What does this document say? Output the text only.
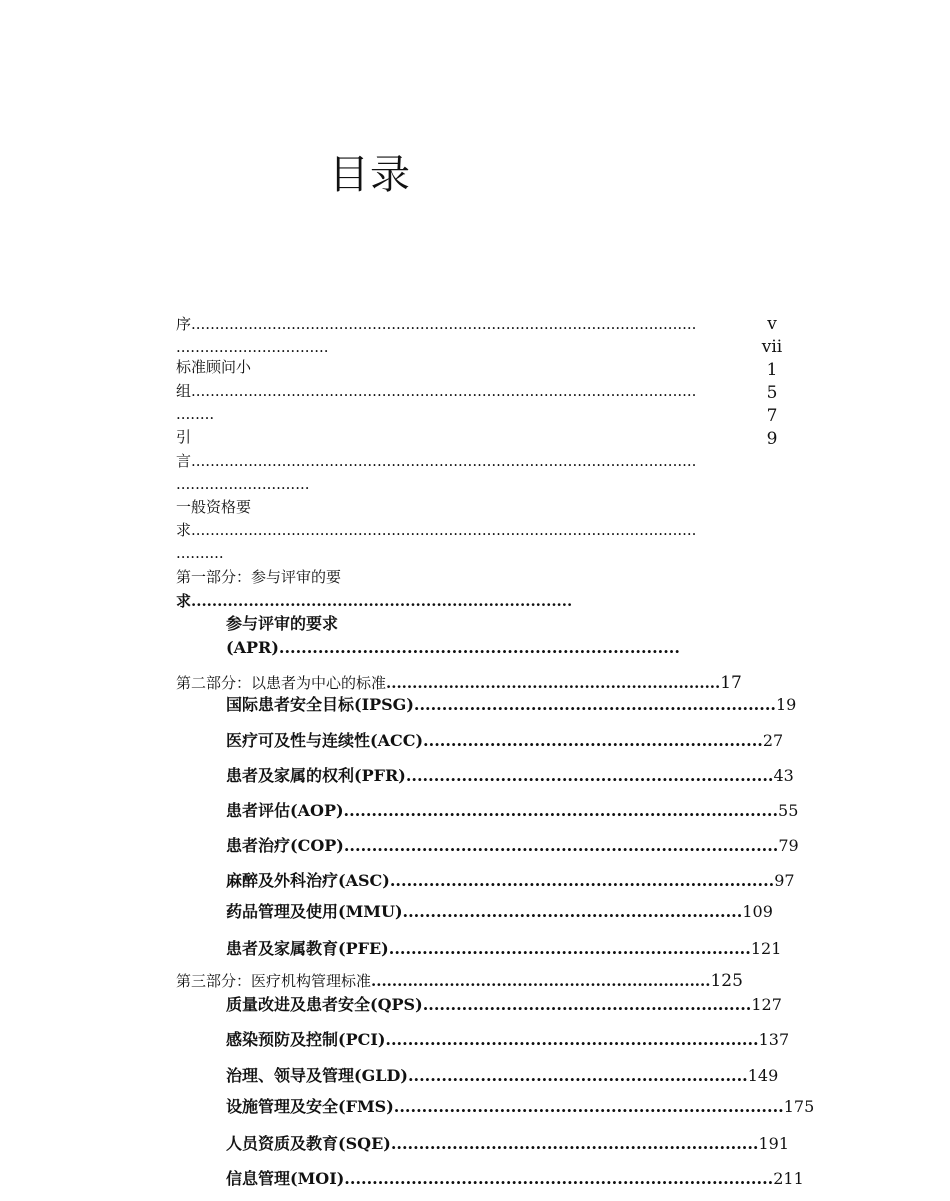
目录
序..........................................................................................................
................................
标准顾问小
组..........................................................................................................
........
引
言..........................................................................................................
............................
一般资格要
求..........................................................................................................
..........
第一部分：参与评审的要
求.........................................................................
参与评审的要求
(APR)........................................................................
v
vii
1
5
7
9
第二部分：以患者为中心的标准................................................................17
国际患者安全目标(IPSG).................................................................19
医疗可及性与连续性(ACC).............................................................27
患者及家属的权利(PFR)..................................................................43
患者评估(AOP)..............................................................................55
患者治疗(COP)..............................................................................79
麻醉及外科治疗(ASC).....................................................................97
药品管理及使用(MMU).............................................................109
患者及家属教育(PFE).................................................................121
第三部分：医疗机构管理标准.................................................................125
质量改进及患者安全(QPS)...........................................................127
感染预防及控制(PCI)...................................................................137
治理、领导及管理(GLD).............................................................149
设施管理及安全(FMS)......................................................................175
人员资质及教育(SQE)..................................................................191
信息管理(MOI).............................................................................211
